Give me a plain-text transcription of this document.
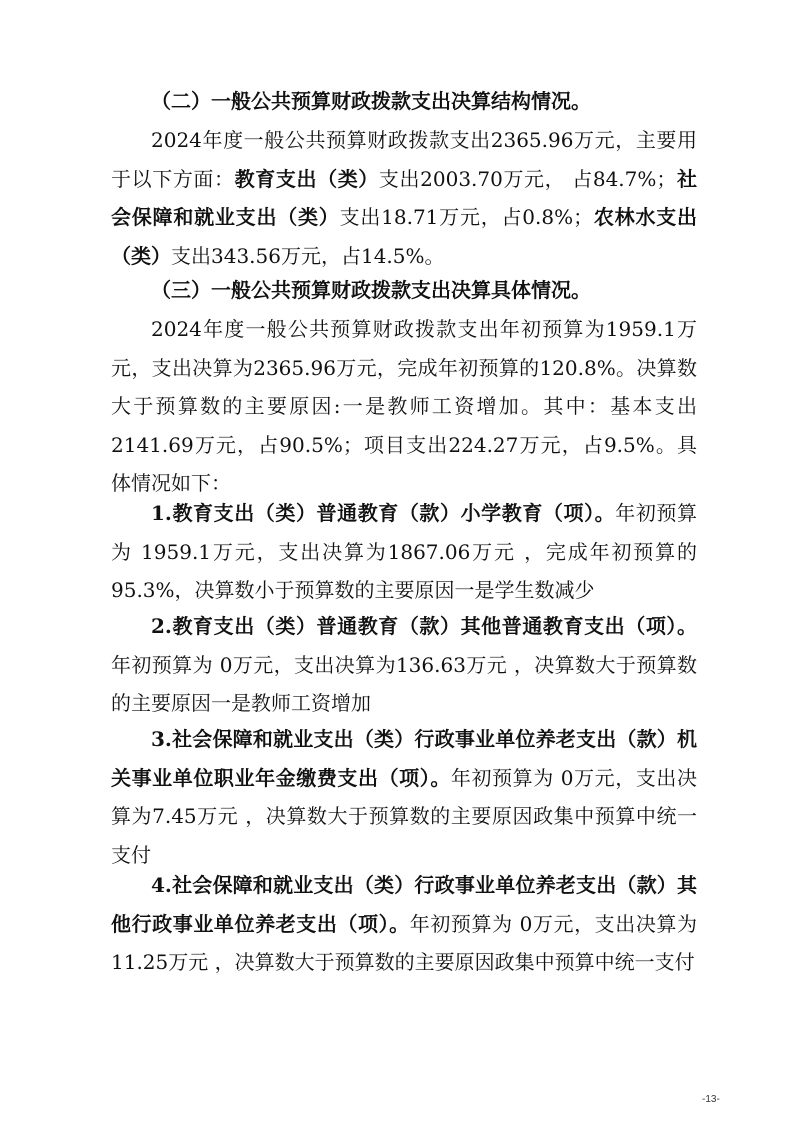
（二）一般公共预算财政拨款支出决算结构情况。

2024年度一般公共预算财政拨款支出2365.96万元，主要用于以下方面：教育支出（类）支出2003.70万元， 占84.7%；社会保障和就业支出（类）支出18.71万元，占0.8%；农林水支出（类）支出343.56万元，占14.5%。

（三）一般公共预算财政拨款支出决算具体情况。

2024年度一般公共预算财政拨款支出年初预算为1959.1万元，支出决算为2365.96万元，完成年初预算的120.8%。决算数大于预算数的主要原因:一是教师工资增加。其中：基本支出2141.69万元，占90.5%；项目支出224.27万元，占9.5%。具体情况如下：

1.教育支出（类）普通教育（款）小学教育（项）。年初预算为 1959.1万元，支出决算为1867.06万元 ，完成年初预算的95.3%，决算数小于预算数的主要原因一是学生数减少

2.教育支出（类）普通教育（款）其他普通教育支出（项）。年初预算为 0万元，支出决算为136.63万元 ，决算数大于预算数的主要原因一是教师工资增加

3.社会保障和就业支出（类）行政事业单位养老支出（款）机关事业单位职业年金缴费支出（项）。年初预算为 0万元，支出决算为7.45万元 ，决算数大于预算数的主要原因政集中预算中统一支付

4.社会保障和就业支出（类）行政事业单位养老支出（款）其他行政事业单位养老支出（项）。年初预算为 0万元，支出决算为11.25万元 ，决算数大于预算数的主要原因政集中预算中统一支付

-13-
